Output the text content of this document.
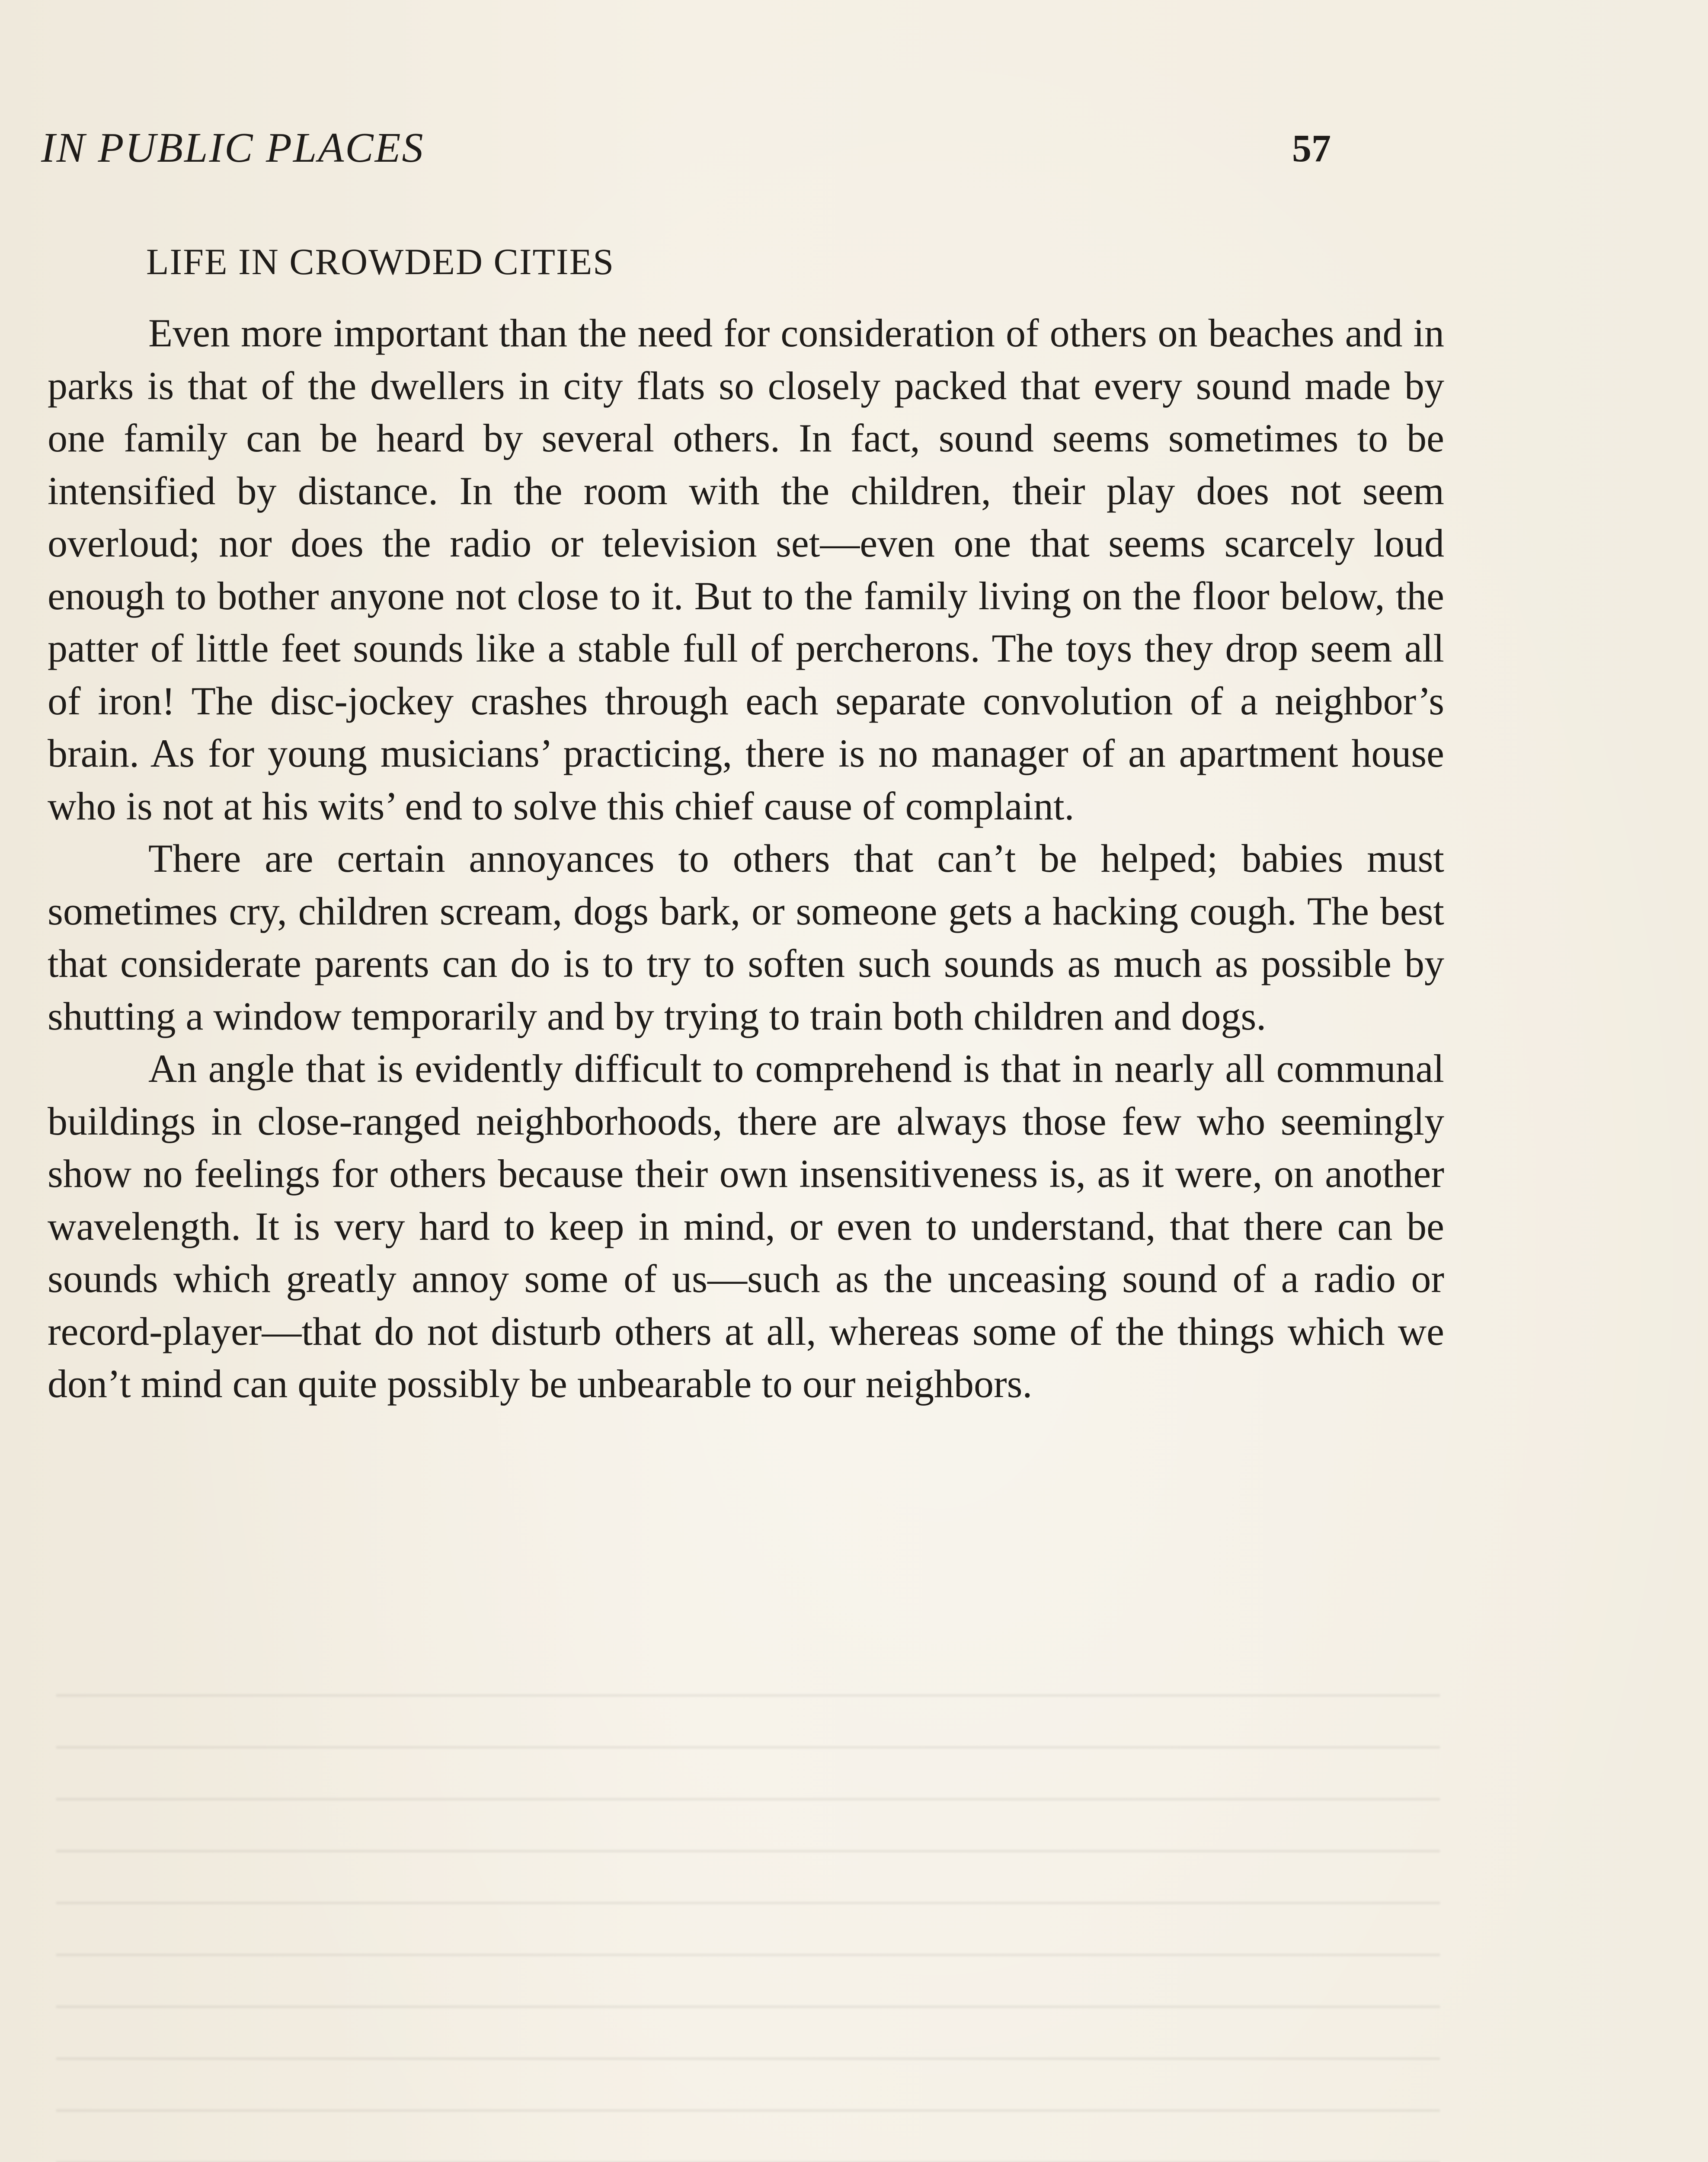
IN PUBLIC PLACES	57
LIFE IN CROWDED CITIES

Even more important than the need for consideration of others on beaches and in parks is that of the dwellers in city flats so closely packed that every sound made by one family can be heard by several others. In fact, sound seems sometimes to be intensified by distance. In the room with the children, their play does not seem overloud; nor does the radio or television set—even one that seems scarcely loud enough to bother anyone not close to it. But to the family living on the floor below, the patter of little feet sounds like a stable full of percherons. The toys they drop seem all of iron! The disc-jockey crashes through each separate convolution of a neighbor’s brain. As for young musicians’ practicing, there is no manager of an apartment house who is not at his wits’ end to solve this chief cause of complaint.

There are certain annoyances to others that can’t be helped; babies must sometimes cry, children scream, dogs bark, or someone gets a hacking cough. The best that considerate parents can do is to try to soften such sounds as much as possible by shutting a window temporarily and by trying to train both children and dogs.

An angle that is evidently difficult to comprehend is that in nearly all communal buildings in close-ranged neighborhoods, there are always those few who seemingly show no feelings for others because their own insensitiveness is, as it were, on another wavelength. It is very hard to keep in mind, or even to understand, that there can be sounds which greatly annoy some of us—such as the unceasing sound of a radio or record-player—that do not disturb others at all, whereas some of the things which we don’t mind can quite possibly be unbearable to our neighbors.
